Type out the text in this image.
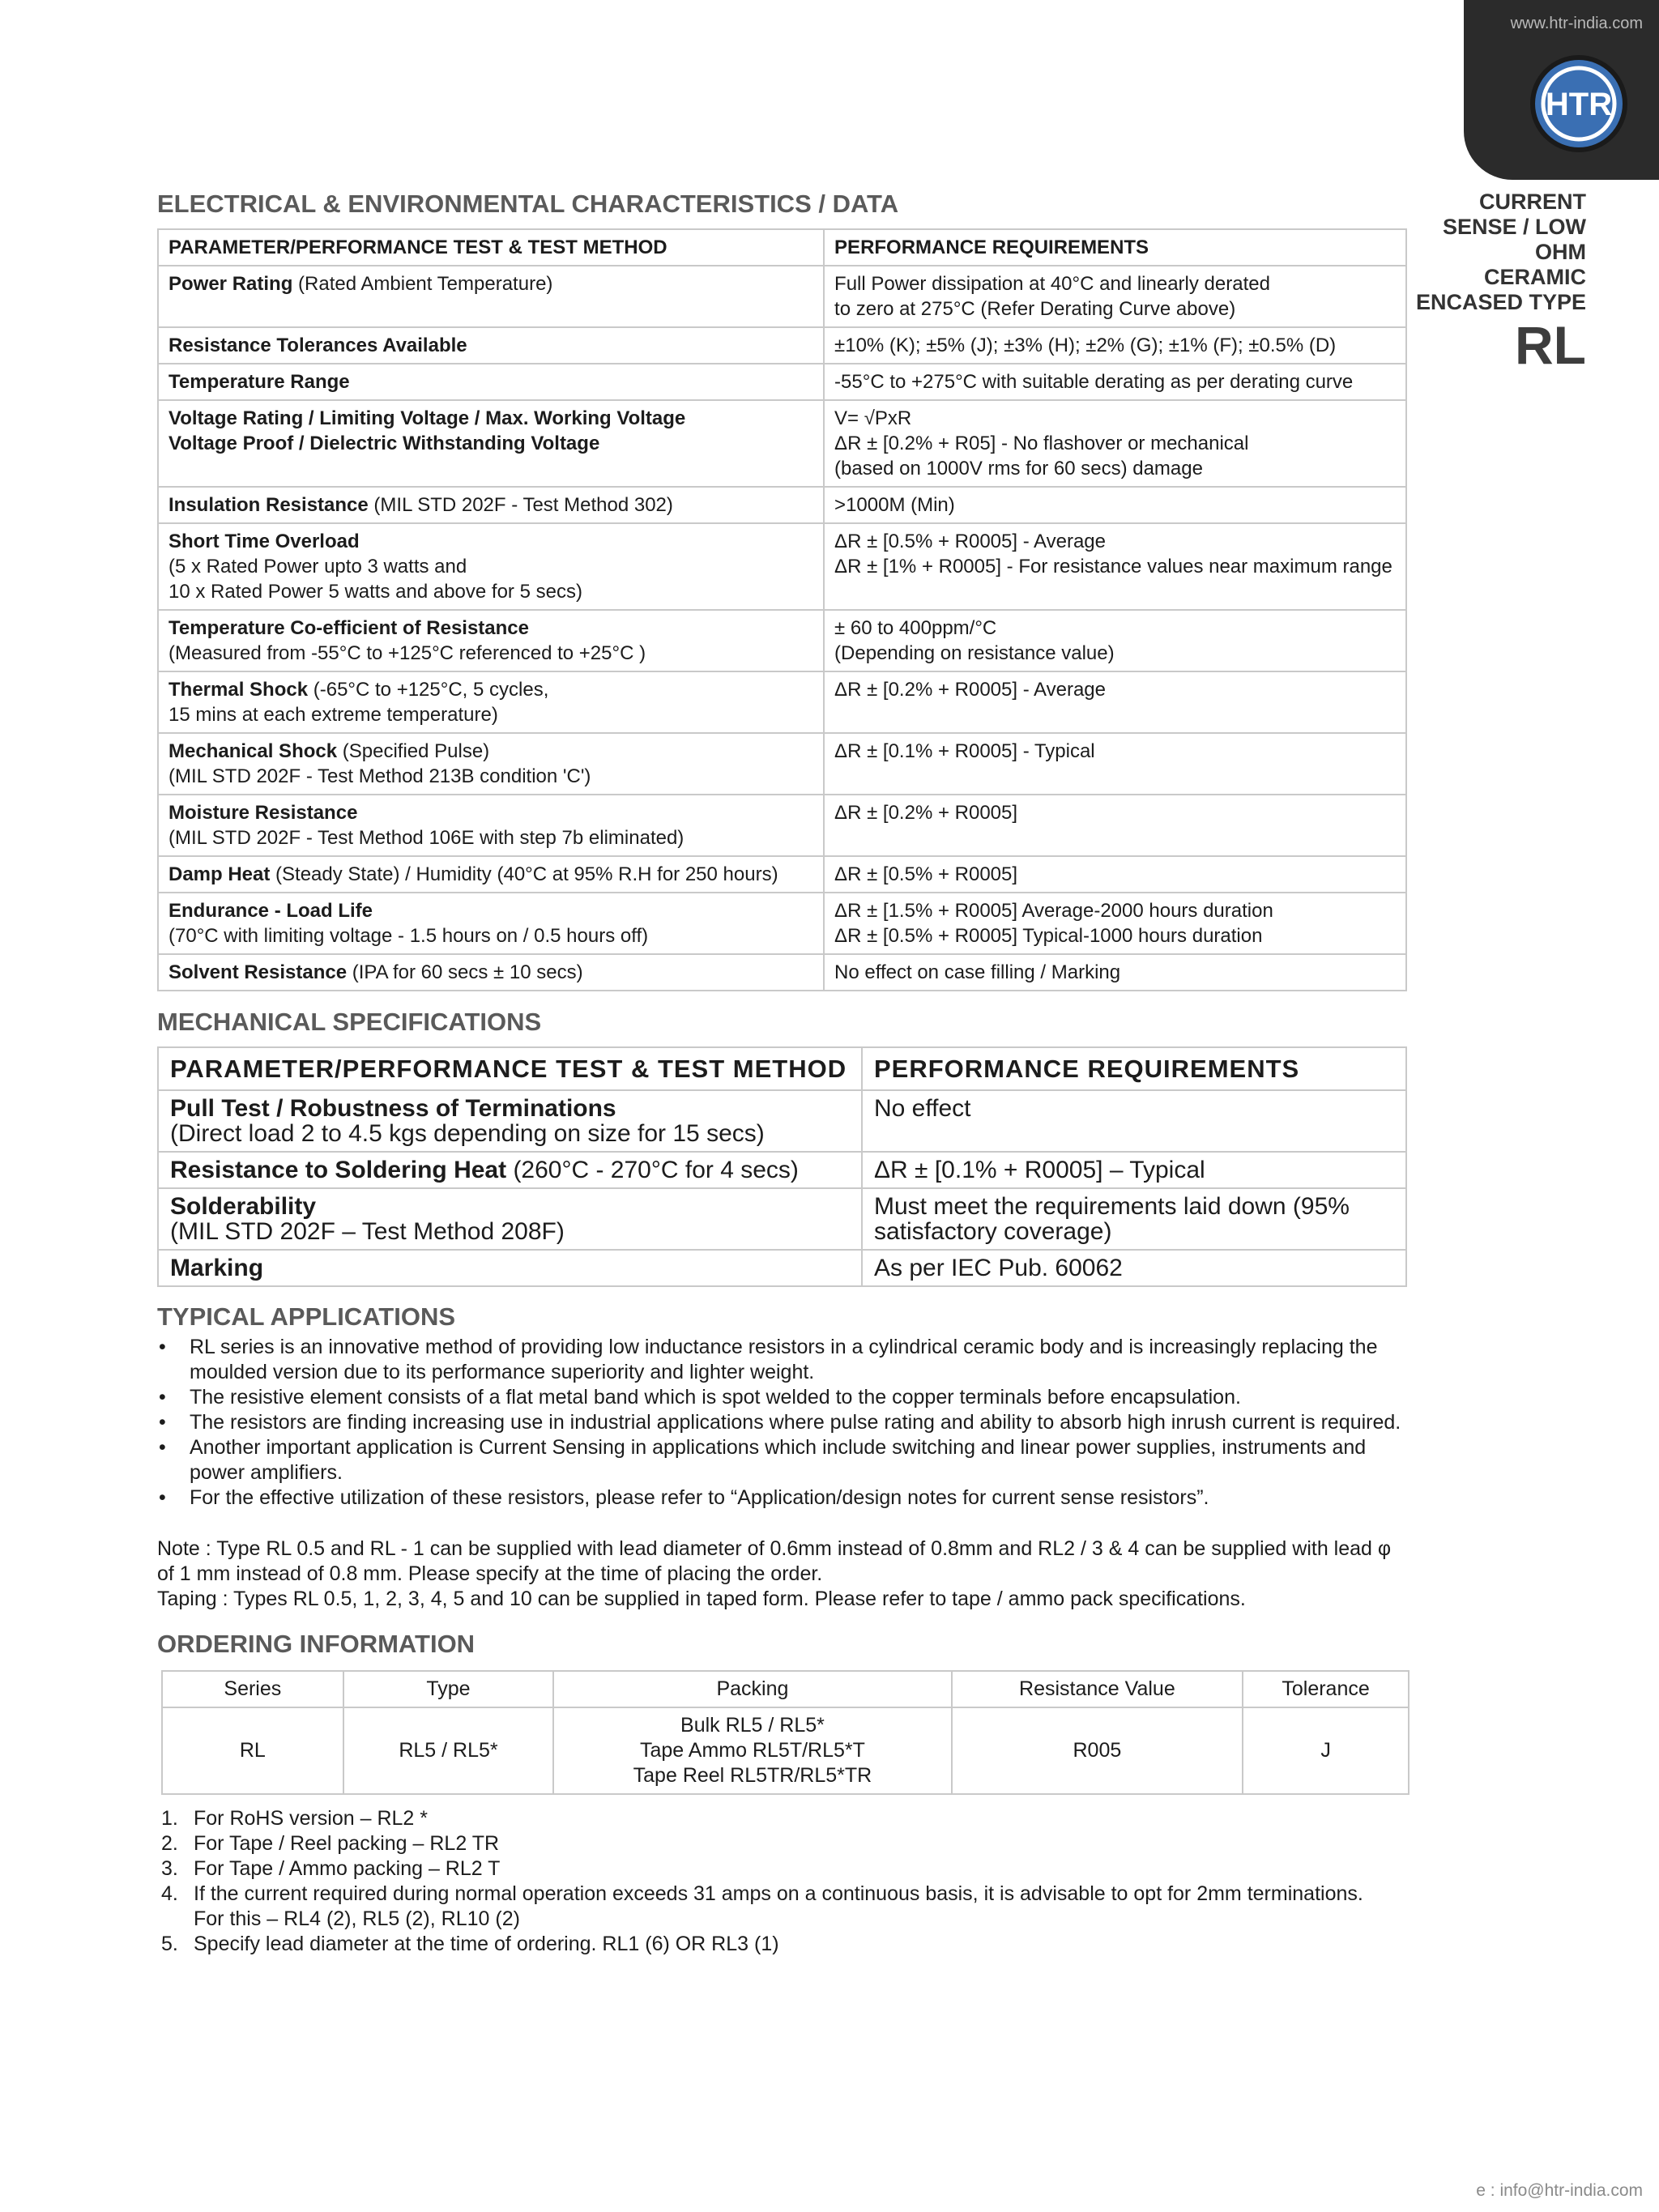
www.htr-india.com
HTR
CURRENT
SENSE / LOW
OHM
CERAMIC
ENCASED TYPE
RL
ELECTRICAL & ENVIRONMENTAL CHARACTERISTICS / DATA
PARAMETER/PERFORMANCE TEST & TEST METHOD	PERFORMANCE REQUIREMENTS

Power Rating (Rated Ambient Temperature)	Full Power dissipation at 40°C and linearly derated
to zero at 275°C (Refer Derating Curve above)

Resistance Tolerances Available	±10% (K); ±5% (J); ±3% (H); ±2% (G); ±1% (F); ±0.5% (D)

Temperature Range	-55°C to +275°C with suitable derating as per derating curve

Voltage Rating / Limiting Voltage / Max. Working Voltage
Voltage Proof / Dielectric Withstanding Voltage	V= √PxR
ΔR ± [0.2% + R05] - No flashover or mechanical
(based on 1000V rms for 60 secs) damage

Insulation Resistance (MIL STD 202F - Test Method 302)	>1000M (Min)

Short Time Overload
(5 x Rated Power upto 3 watts and
10 x Rated Power 5 watts and above for 5 secs)	ΔR ± [0.5% + R0005] - Average
ΔR ± [1% + R0005] - For resistance values near maximum range

Temperature Co-efficient of Resistance
(Measured from -55°C to +125°C referenced to +25°C )	± 60 to 400ppm/°C
(Depending on resistance value)

Thermal Shock (-65°C to +125°C, 5 cycles,
15 mins at each extreme temperature)	ΔR ± [0.2% + R0005] - Average

Mechanical Shock (Specified Pulse)
(MIL STD 202F - Test Method 213B condition 'C')	ΔR ± [0.1% + R0005] - Typical

Moisture Resistance
(MIL STD 202F - Test Method 106E with step 7b eliminated)	ΔR ± [0.2% + R0005]

Damp Heat (Steady State) / Humidity (40°C at 95% R.H for 250 hours)	ΔR ± [0.5% + R0005]

Endurance - Load Life
(70°C with limiting voltage - 1.5 hours on / 0.5 hours off)	ΔR ± [1.5% + R0005] Average-2000 hours duration
ΔR ± [0.5% + R0005] Typical-1000 hours duration

Solvent Resistance (IPA for 60 secs ± 10 secs)	No effect on case filling / Marking
MECHANICAL SPECIFICATIONS
PARAMETER/PERFORMANCE TEST & TEST METHOD	PERFORMANCE REQUIREMENTS

Pull Test / Robustness of Terminations
(Direct load 2 to 4.5 kgs depending on size for 15 secs)	No effect

Resistance to Soldering Heat (260°C - 270°C for 4 secs)	ΔR ± [0.1% + R0005] – Typical

Solderability
(MIL STD 202F – Test Method 208F)	Must meet the requirements laid down (95%
satisfactory coverage)

Marking	As per IEC Pub. 60062
TYPICAL APPLICATIONS
• RL series is an innovative method of providing low inductance resistors in a cylindrical ceramic body and is increasingly replacing the
moulded version due to its performance superiority and lighter weight.
• The resistive element consists of a flat metal band which is spot welded to the copper terminals before encapsulation.
• The resistors are finding increasing use in industrial applications where pulse rating and ability to absorb high inrush current is required.
• Another important application is Current Sensing in applications which include switching and linear power supplies, instruments and
power amplifiers.
• For the effective utilization of these resistors, please refer to “Application/design notes for current sense resistors”.
Note : Type RL 0.5 and RL - 1 can be supplied with lead diameter of 0.6mm instead of 0.8mm and RL2 / 3 & 4 can be supplied with lead φ
of 1 mm instead of 0.8 mm. Please specify at the time of placing the order.
Taping : Types RL 0.5, 1, 2, 3, 4, 5 and 10 can be supplied in taped form. Please refer to tape / ammo pack specifications.
ORDERING INFORMATION
Series	Type	Packing	Resistance Value	Tolerance
RL	RL5 / RL5*	Bulk RL5 / RL5*
Tape Ammo RL5T/RL5*T
Tape Reel RL5TR/RL5*TR	R005	J
1. For RoHS version – RL2 *
2. For Tape / Reel packing – RL2 TR
3. For Tape / Ammo packing – RL2 T
4. If the current required during normal operation exceeds 31 amps on a continuous basis, it is advisable to opt for 2mm terminations.
For this – RL4 (2), RL5 (2), RL10 (2)
5. Specify lead diameter at the time of ordering. RL1 (6) OR RL3 (1)
e : info@htr-india.com
